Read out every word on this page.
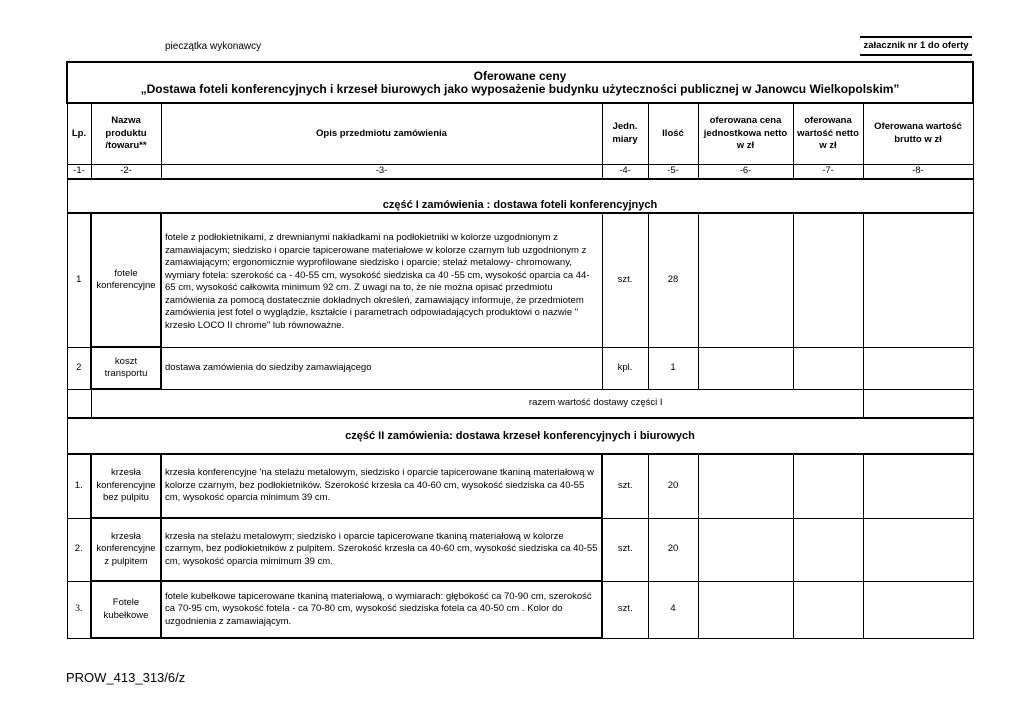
pieczątka wykonawcy	załacznik nr 1 do oferty
Oferowane ceny
„Dostawa foteli konferencyjnych i krzeseł biurowych jako wyposażenie budynku użyteczności publicznej w Janowcu Wielkopolskim”							

Lp.	Nazwa produktu /towaru**	Opis przedmiotu zamówienia	Jedn. miary	Ilość	oferowana cena jednostkowa netto w zł	oferowana wartość netto w zł	Oferowana wartość brutto w zł
-1-	-2-	-3-	-4-	-5-	-6-	-7-	-8-
część I zamówienia : dostawa foteli konferencyjnych							
1	fotele konferencyjne	fotele z podłokietnikami, z drewnianymi nakładkami na podłokietniki w kolorze uzgodnionym z zamawiajacym; siedzisko i oparcie tapicerowane materiałowe w kolorze czarnym lub uzgodnionym z zamawiającym; ergonomicznie wyprofilowane siedzisko i oparcie; stelaż metalowy- chromowany, wymiary fotela: szerokość ca - 40-55 cm, wysokość siedziska ca 40 -55 cm, wysokość oparcia ca 44-65 cm, wysokość całkowita minimum 92 cm. Z uwagi na to, że nie można opisać przedmiotu zamówienia za pomocą dostatecznie dokładnych określeń, zamawiający informuje, że przedmiotem zamówienia jest fotel o wyglądzie, kształcie i parametrach odpowiadających produktowi o nazwie " krzesło LOCO II chrome" lub równoważne.	szt.	28			
2	koszt transportu	dostawa zamówienia do siedziby zamawiającego	kpl.	1			
	razem wartość dostawy części I						
część II zamówienia: dostawa krzeseł konferencyjnych i biurowych							
1.	krzesła konferencyjne bez pulpitu	krzesła konferencyjne 'na stelażu metalowym, siedzisko i oparcie tapicerowane tkaniną materiałową w kolorze czarnym, bez podłokietników. Szerokość krzesła ca 40-60 cm, wysokość siedziska ca 40-55 cm, wysokość oparcia minimum 39 cm.	szt.	20			
2.	krzesła konferencyjne z pulpitem	krzesła na stelażu metalowym; siedzisko i oparcie tapicerowane tkaniną materiałową w kolorze czarnym, bez podłokietników z pulpitem. Szerokość krzesła ca 40-60 cm, wysokość siedziska ca 40-55 cm, wysokość oparcia mimimum 39 cm.	szt.	20			
3.	Fotele kubełkowe	fotele kubełkowe tapicerowane tkaniną materiałową, o wymiarach: głębokość ca 70-90 cm, szerokość ca 70-95 cm, wysokość fotela - ca 70-80 cm, wysokość siedziska fotela ca 40-50 cm . Kolor do uzgodnienia z zamawiającym.	szt.	4			
PROW_413_313/6/z
